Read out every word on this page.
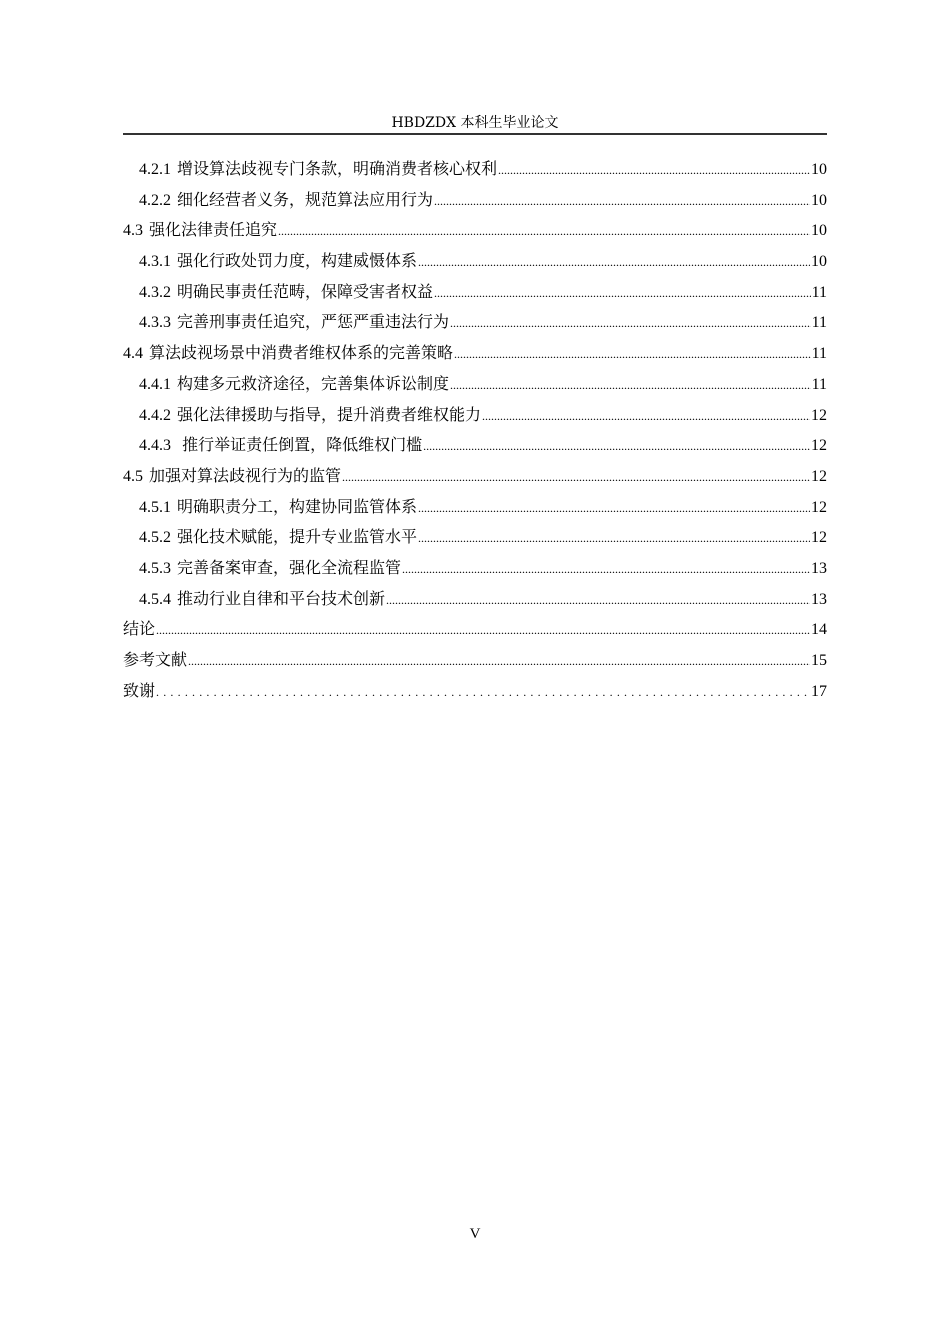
HBDZDX 本科生毕业论文
4.2.1 增设算法歧视专门条款，明确消费者核心权利 .....	10
4.2.2 细化经营者义务，规范算法应用行为 .....	10
4.3 强化法律责任追究 .....	10
4.3.1 强化行政处罚力度，构建威慑体系 .....	10
4.3.2 明确民事责任范畴，保障受害者权益 .....	11
4.3.3 完善刑事责任追究，严惩严重违法行为 .....	11
4.4 算法歧视场景中消费者维权体系的完善策略 .....	11
4.4.1 构建多元救济途径，完善集体诉讼制度 .....	11
4.4.2 强化法律援助与指导，提升消费者维权能力 .....	12
4.4.3 推行举证责任倒置，降低维权门槛 .....	12
4.5 加强对算法歧视行为的监管 .....	12
4.5.1 明确职责分工，构建协同监管体系 .....	12
4.5.2 强化技术赋能，提升专业监管水平 .....	12
4.5.3 完善备案审查，强化全流程监管 .....	13
4.5.4 推动行业自律和平台技术创新 .....	13
结论 .....	14
参考文献 .....	15
致谢 . . .	17
V
